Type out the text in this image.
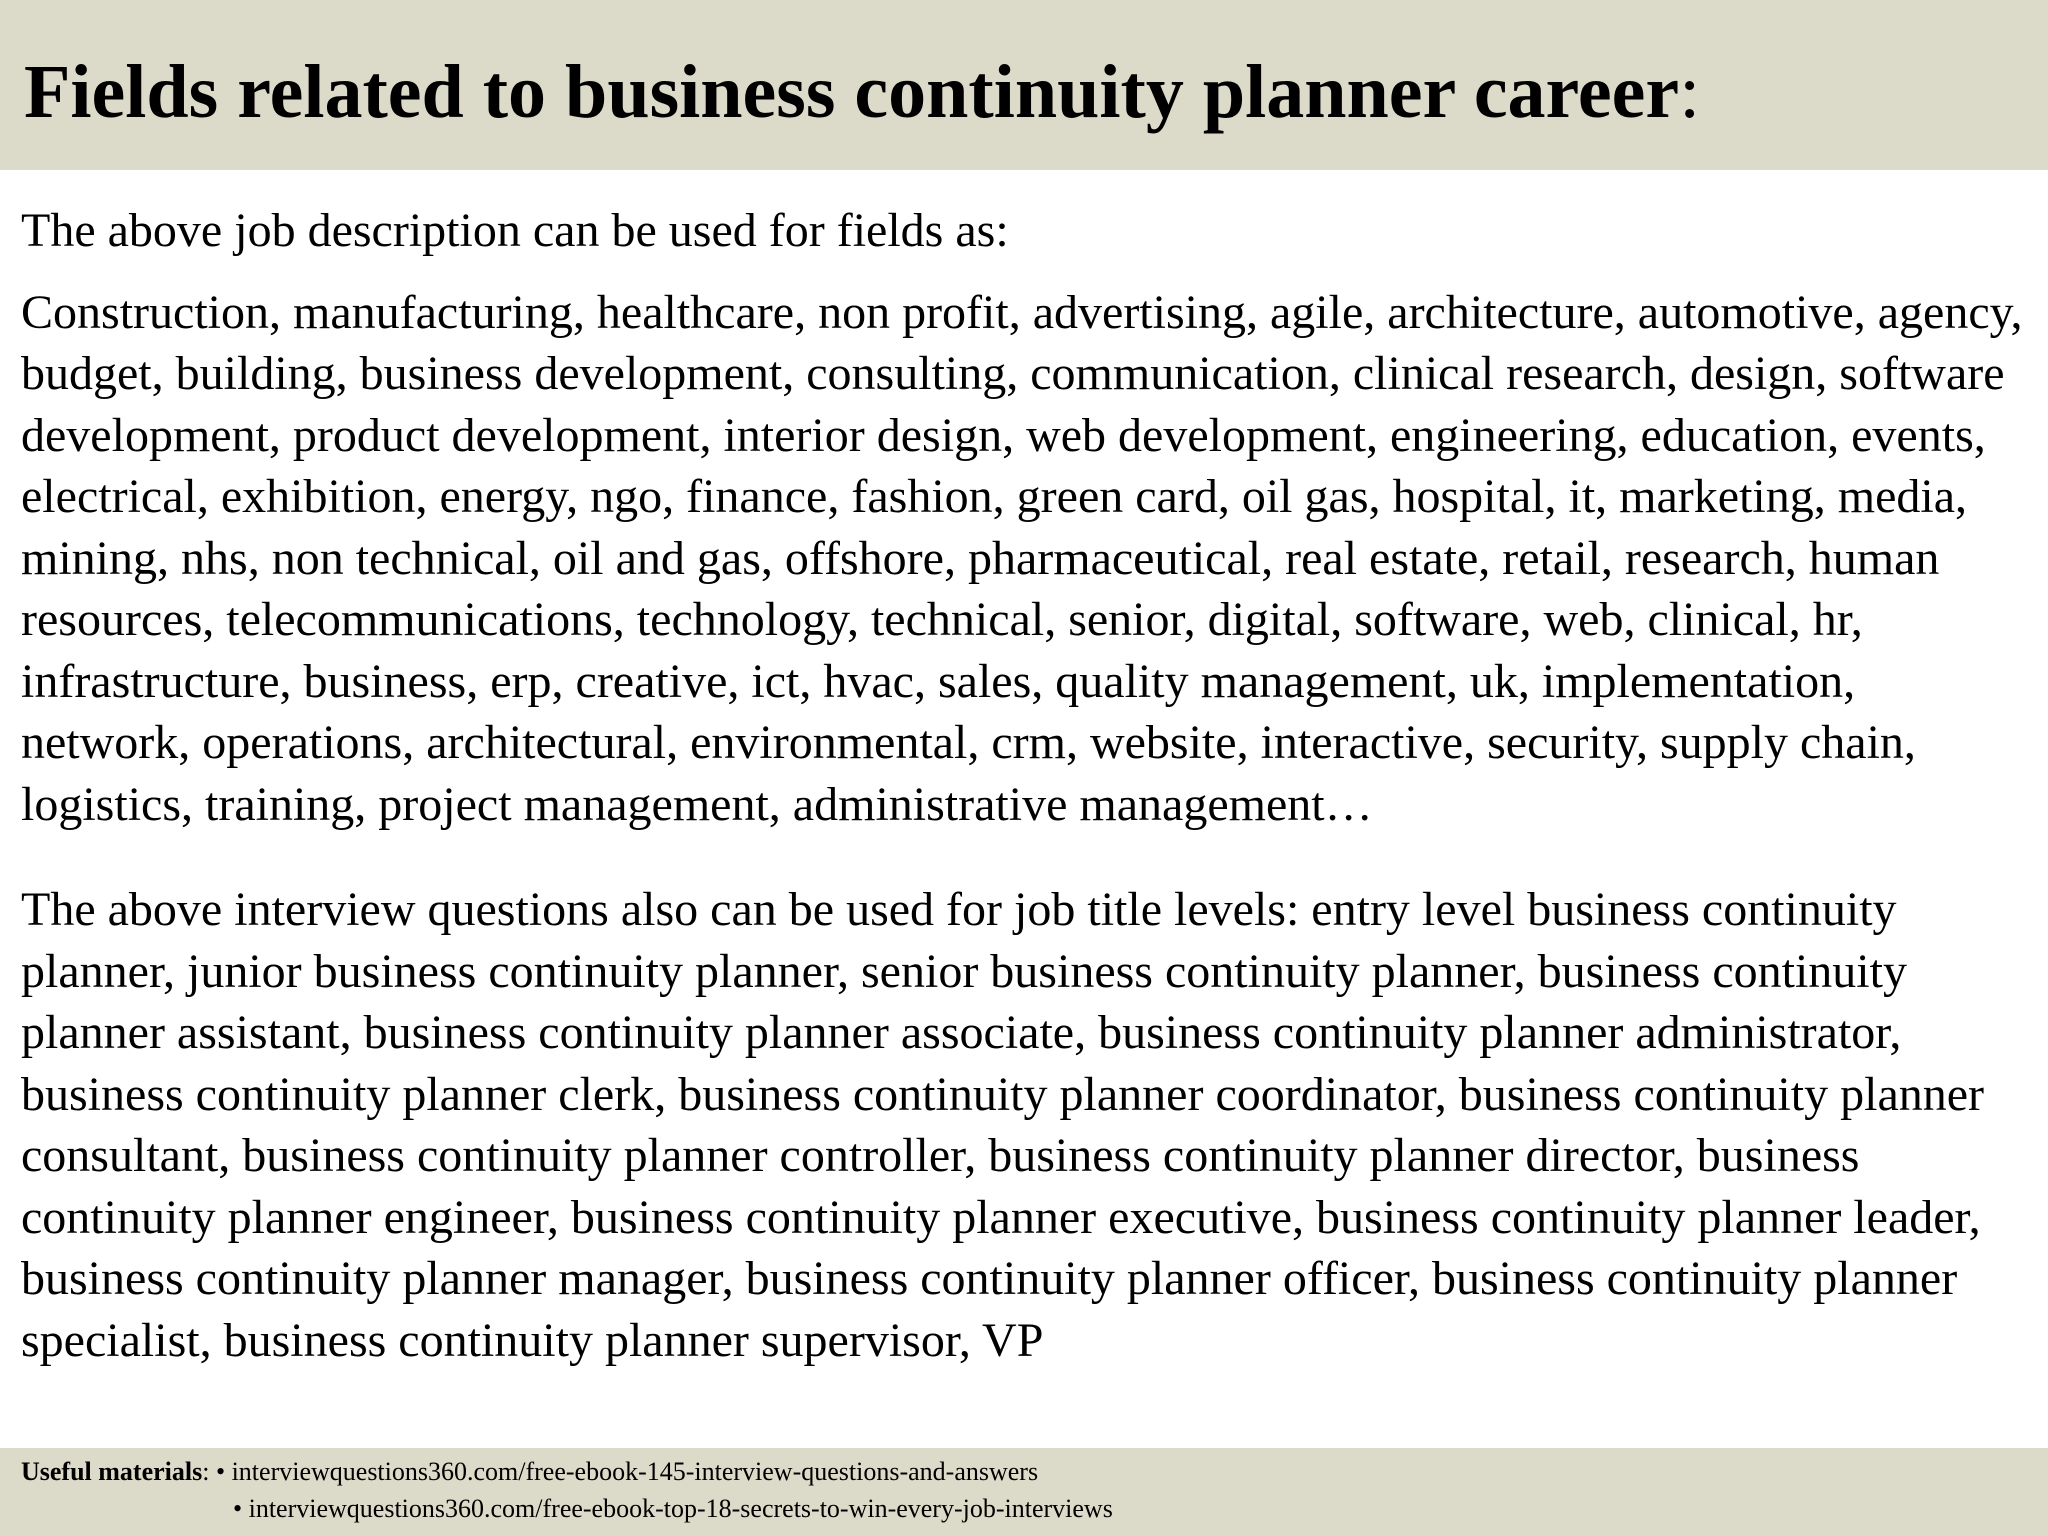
Fields related to business continuity planner career:

The above job description can be used for fields as:

Construction, manufacturing, healthcare, non profit, advertising, agile, architecture, automotive, agency, budget, building, business development, consulting, communication, clinical research, design, software development, product development, interior design, web development, engineering, education, events, electrical, exhibition, energy, ngo, finance, fashion, green card, oil gas, hospital, it, marketing, media, mining, nhs, non technical, oil and gas, offshore, pharmaceutical, real estate, retail, research, human resources, telecommunications, technology, technical, senior, digital, software, web, clinical, hr, infrastructure, business, erp, creative, ict, hvac, sales, quality management, uk, implementation, network, operations, architectural, environmental, crm, website, interactive, security, supply chain, logistics, training, project management, administrative management…

The above interview questions also can be used for job title levels: entry level business continuity planner, junior business continuity planner, senior business continuity planner, business continuity planner assistant, business continuity planner associate, business continuity planner administrator, business continuity planner clerk, business continuity planner coordinator, business continuity planner consultant, business continuity planner controller, business continuity planner director, business continuity planner engineer, business continuity planner executive, business continuity planner leader, business continuity planner manager, business continuity planner officer, business continuity planner specialist, business continuity planner supervisor, VP

Useful materials: • interviewquestions360.com/free-ebook-145-interview-questions-and-answers
• interviewquestions360.com/free-ebook-top-18-secrets-to-win-every-job-interviews
